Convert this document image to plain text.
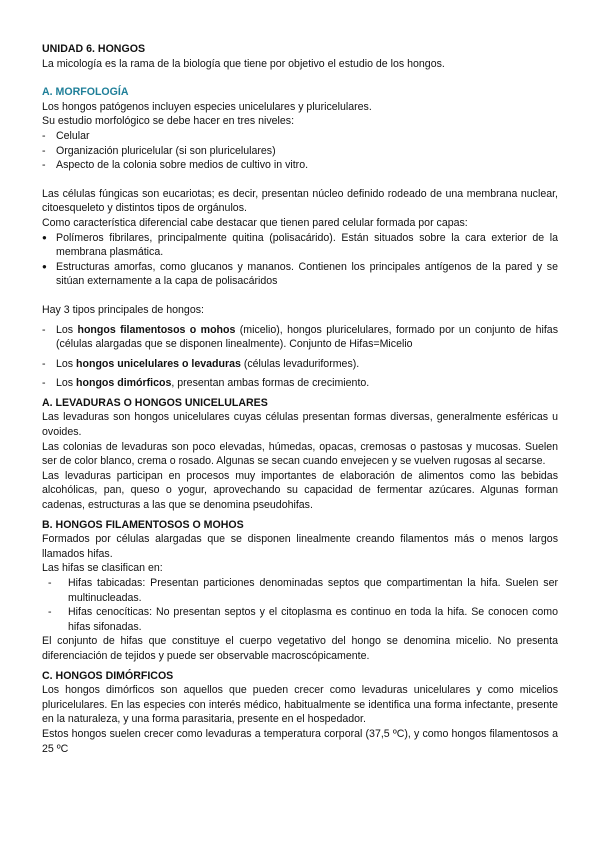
UNIDAD 6. HONGOS

La micología es la rama de la biología que tiene por objetivo el estudio de los hongos.

A. MORFOLOGÍA

Los hongos patógenos incluyen especies unicelulares y pluricelulares.

Su estudio morfológico se debe hacer en tres niveles:

- Celular
- Organización pluricelular (si son pluricelulares)
- Aspecto de la colonia sobre medios de cultivo in vitro.

Las células fúngicas son eucariotas; es decir, presentan núcleo definido rodeado de una membrana nuclear, citoesqueleto y distintos tipos de orgánulos.

Como característica diferencial cabe destacar que tienen pared celular formada por capas:

● Polímeros fibrilares, principalmente quitina (polisacárido). Están situados sobre la cara exterior de la membrana plasmática.
● Estructuras amorfas, como glucanos y mananos. Contienen los principales antígenos de la pared y se sitúan externamente a la capa de polisacáridos

Hay 3 tipos principales de hongos:

- Los hongos filamentosos o mohos (micelio), hongos pluricelulares, formado por un conjunto de hifas (células alargadas que se disponen linealmente). Conjunto de Hifas=Micelio
- Los hongos unicelulares o levaduras (células levaduriformes).
- Los hongos dimórficos, presentan ambas formas de crecimiento.

A. LEVADURAS O HONGOS UNICELULARES

Las levaduras son hongos unicelulares cuyas células presentan formas diversas, generalmente esféricas u ovoides.

Las colonias de levaduras son poco elevadas, húmedas, opacas, cremosas o pastosas y mucosas. Suelen ser de color blanco, crema o rosado. Algunas se secan cuando envejecen y se vuelven rugosas al secarse.

Las levaduras participan en procesos muy importantes de elaboración de alimentos como las bebidas alcohólicas, pan, queso o yogur, aprovechando su capacidad de fermentar azúcares. Algunas forman cadenas, estructuras a las que se denomina pseudohifas.

B. HONGOS FILAMENTOSOS O MOHOS

Formados por células alargadas que se disponen linealmente creando filamentos más o menos largos llamados hifas.

Las hifas se clasifican en:

- Hifas tabicadas: Presentan particiones denominadas septos que compartimentan la hifa. Suelen ser multinucleadas.
- Hifas cenocíticas: No presentan septos y el citoplasma es continuo en toda la hifa. Se conocen como hifas sifonadas.

El conjunto de hifas que constituye el cuerpo vegetativo del hongo se denomina micelio. No presenta diferenciación de tejidos y puede ser observable macroscópicamente.

C. HONGOS DIMÓRFICOS

Los hongos dimórficos son aquellos que pueden crecer como levaduras unicelulares y como micelios pluricelulares. En las especies con interés médico, habitualmente se identifica una forma infectante, presente en la naturaleza, y una forma parasitaria, presente en el hospedador.

Estos hongos suelen crecer como levaduras a temperatura corporal (37,5 ºC), y como hongos filamentosos a 25 ºC
